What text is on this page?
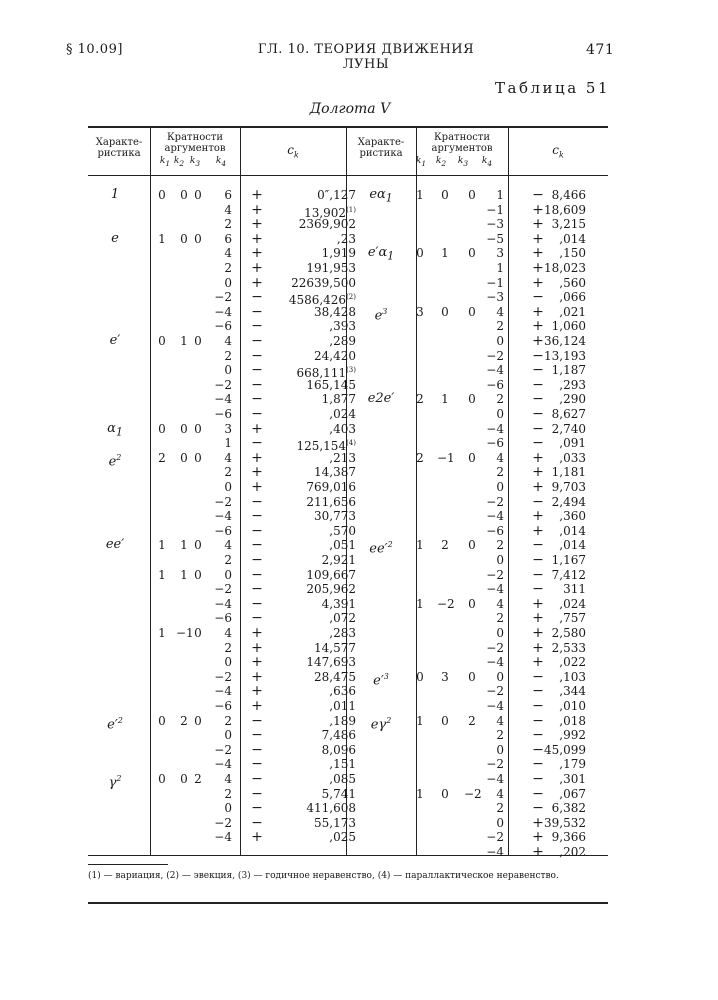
§ 10.09]	ГЛ. 10. ТЕОРИЯ ДВИЖЕНИЯ ЛУНЫ
471
Таблица 51
Долгота V
Характе-
ристика
Кратности
аргументов
$k_1$ $k_2$ $k_3$ $k_4$
$c_k$
Характе-
ристика
Кратности
аргументов
$k_1$ $k_2$ $k_3$ $k_4$
$c_k$
1	0	0 0	6 +	0″,127
4 +	$13,902^{(1)}$
2 +	2369,902
e	1	0 0	6 +	,23
4 +	1,919
2 +	191,953
0 +	22639,500
−2 −	$4586,426^{(2)}$
−4 −	38,428
−6 −	,393
e′	0	1 0	4 −	,289
2 −	24,420
0 −	$668,111^{(3)}$
−2 −	165,145
−4 −	1,877
−6 −	,024
$\alpha_1$	0	0 0	3 +	,403
1 −	$125,154^{(4)}$
$e^2$	2	0 0	4 +	,213
2 +	14,387
0 +	769,016
−2 −	211,656
−4 −	30,773
−6 −	,570
ee′	1	1 0	4 −	,051
2 −	2,921
1	1 0	0 −	109,667
−2 −	205,962
−4 −	4,391
−6 −	,072
1 −1 0	4 +	,283
2 +	14,577
0 +	147,693
−2 +	28,475
−4 +	,636
−6 +	,011
$e'^2$	0	2 0	2 −	,189
0 −	7,486
−2 −	8,096
−4 −	,151
$\gamma^2$	0	0 2	4 −	,085
2 −	5,741
0 −	411,608
−2 −	55,173
−4 +	,025
$e\alpha_1$	1	0	0	1 − 8,466
−1 + 18,609
−3 + 3,215
−5 +	,014
$e'\alpha_1$	0	1	0	3 +	,150
1 + 18,023
−1 +	,560
−3 −	,066
$e^3$	3	0	0	4 +	,021
2 + 1,060
0 + 36,124
−2 − 13,193
−4 − 1,187
−6 −	,293
e2e′	2	1	0	2 −	,290
0 − 8,627
−4 − 2,740
−6 −	,091
2	−1	0	4 +	,033
2 + 1,181
0 + 9,703
−2 − 2,494
−4 +	,360
−6 +	,014
$ee'^2$	1	2	0	2 −	,014
0 − 1,167
−2 − 7,412
−4 −	311
1	−2	0	4 +	,024
2 +	,757
0 + 2,580
−2 + 2,533
−4 +	,022
$e'^3$	0	3	0	0 −	,103
−2 −	,344
−4 −	,010
$e\gamma^2$	1	0	2	4 −	,018
2 −	,992
0 − 45,099
−2 −	,179
−4 −	,301
1	0	−2	4 −	,067
2 − 6,382
0 + 39,532
−2 + 9,366
−4 +	,202
(1) — вариация, (2) — эвекция, (3) — годичное неравенство, (4) — параллактическое неравенство.
